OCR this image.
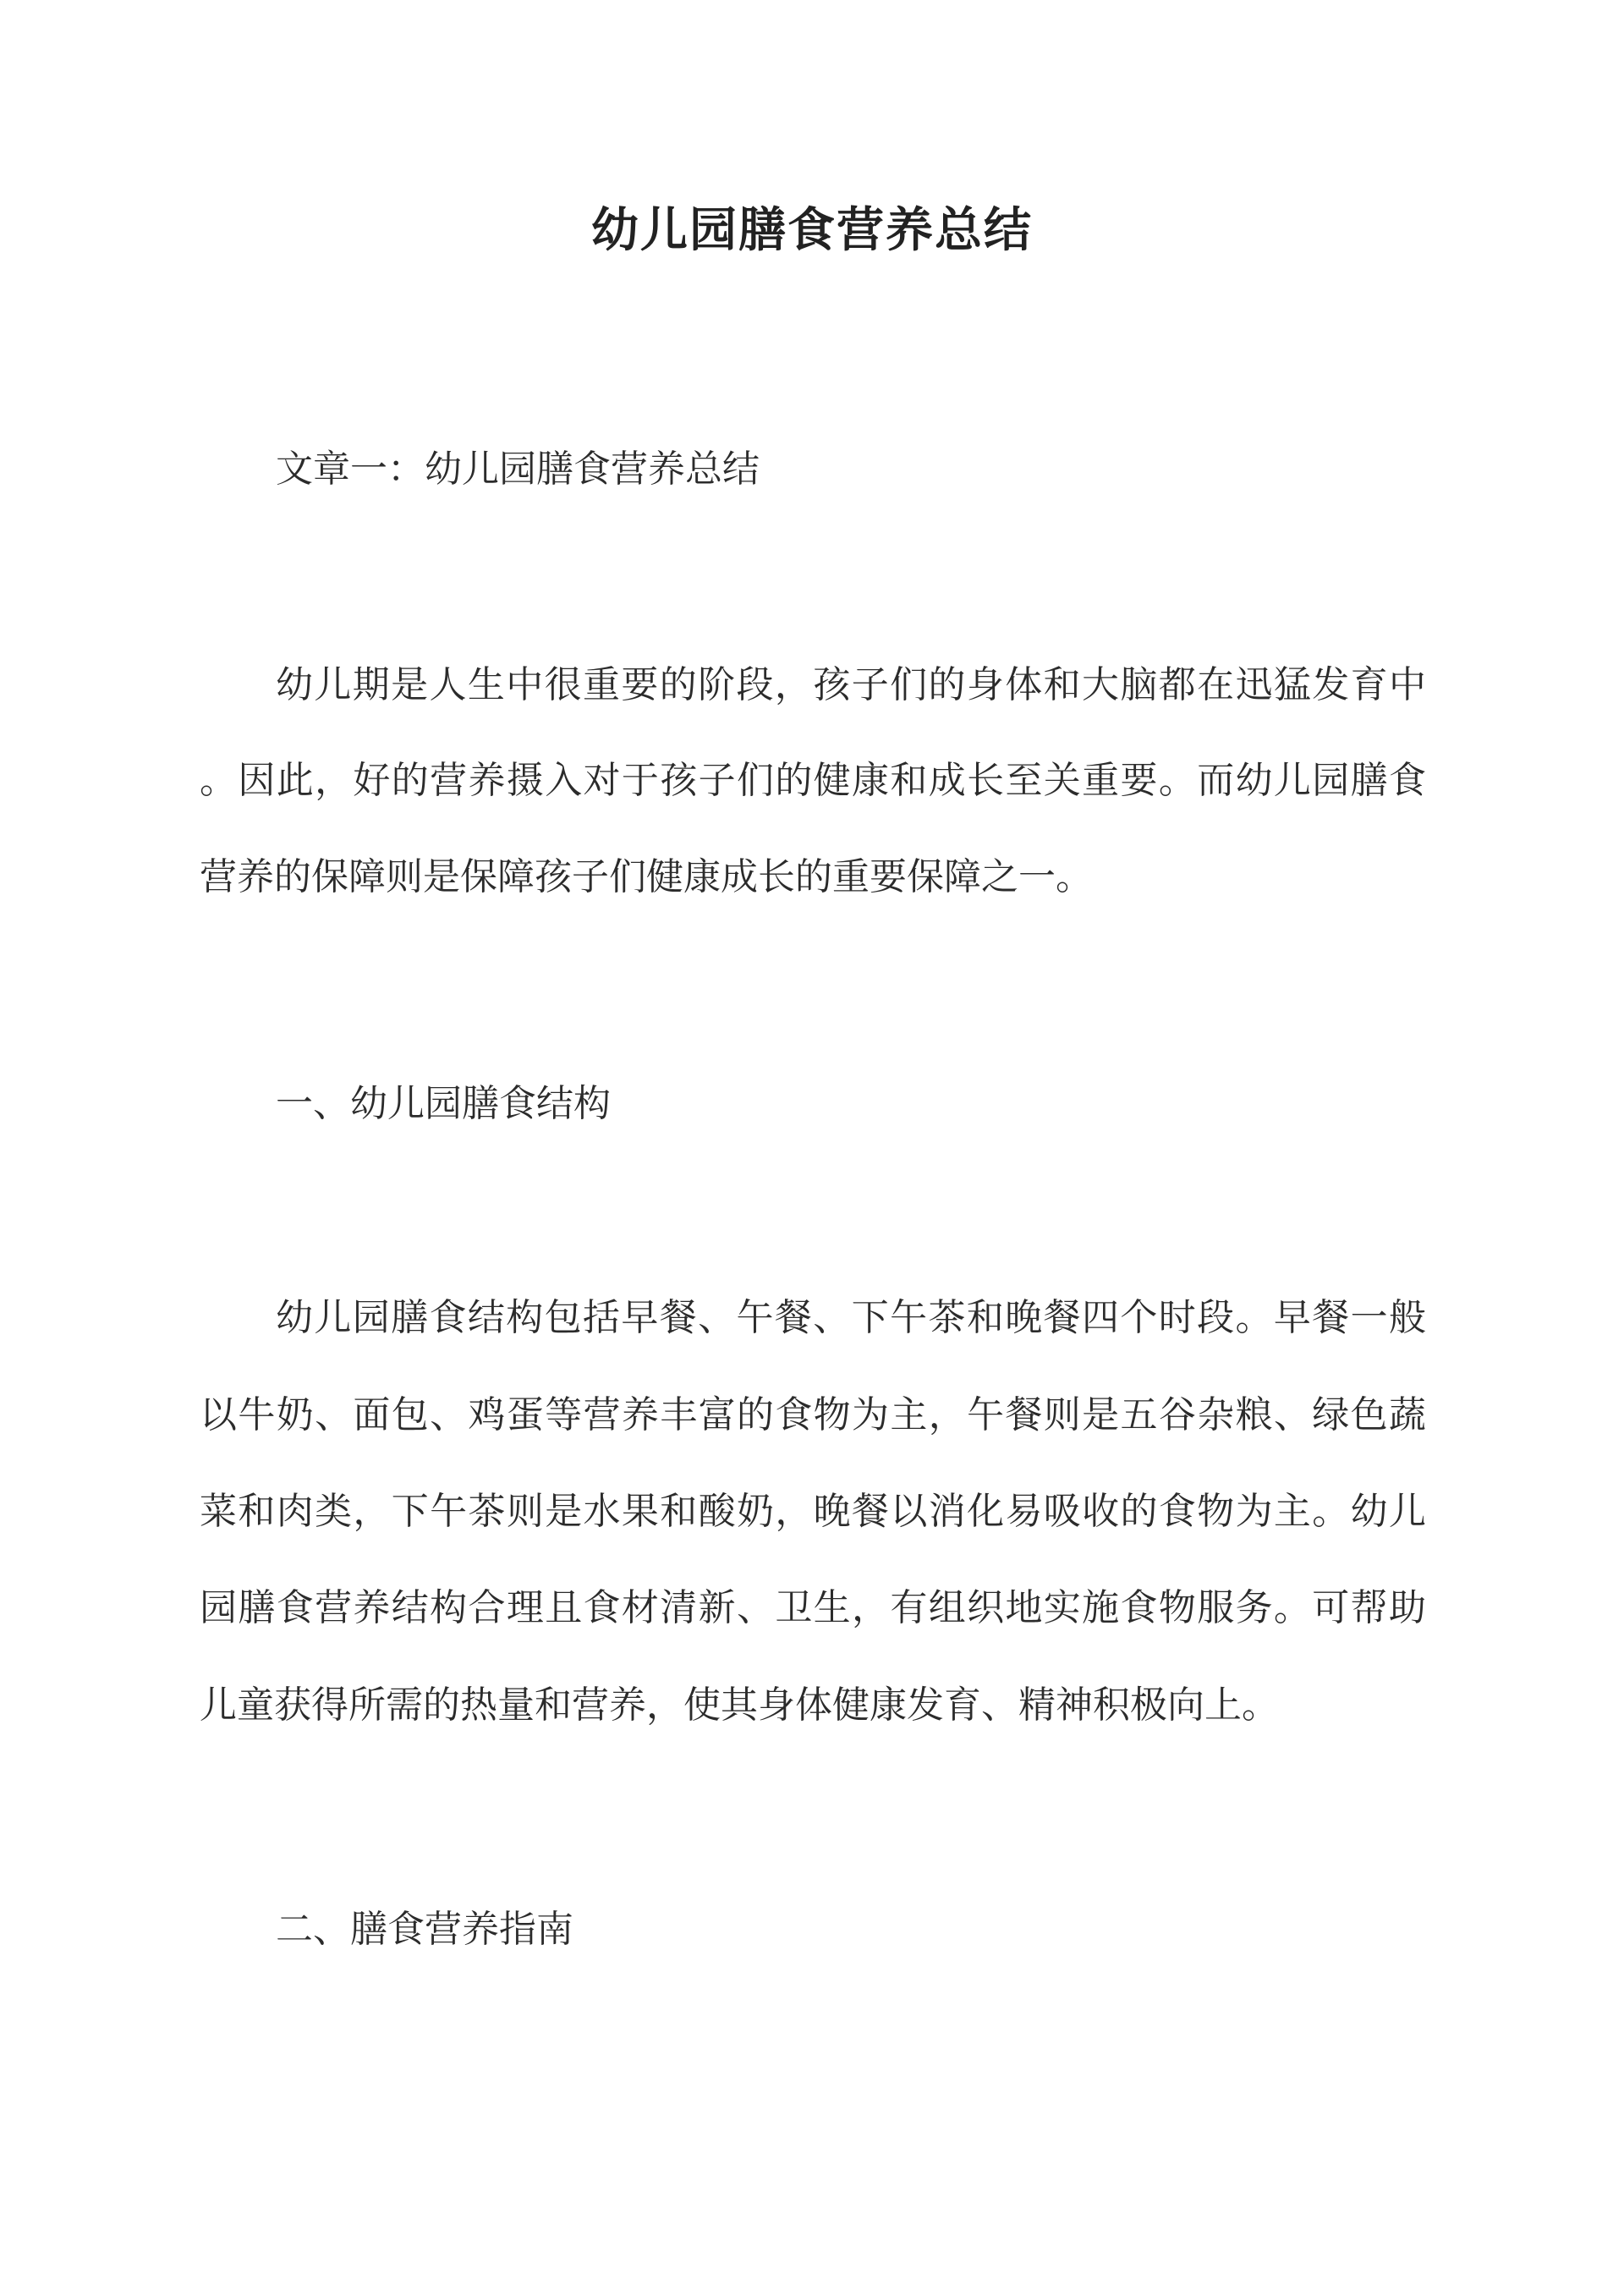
幼儿园膳食营养总结
文章一：幼儿园膳食营养总结
幼儿期是人生中很重要的阶段，孩子们的身体和大脑都在迅猛发育中
。因此，好的营养摄入对于孩子们的健康和成长至关重要。而幼儿园膳食
营养的保障则是保障孩子们健康成长的重要保障之一。
一、幼儿园膳食结构
幼儿园膳食结构包括早餐、午餐、下午茶和晚餐四个时段。早餐一般
以牛奶、面包、鸡蛋等营养丰富的食物为主，午餐则是五谷杂粮、绿色蔬
菜和肉类，下午茶则是水果和酸奶，晚餐以消化易吸收的食物为主。幼儿
园膳食营养结构合理且食材清新、卫生，有组织地实施食物服务。可帮助
儿童获得所需的热量和营养，使其身体健康发育、精神积极向上。
二、膳食营养指南
